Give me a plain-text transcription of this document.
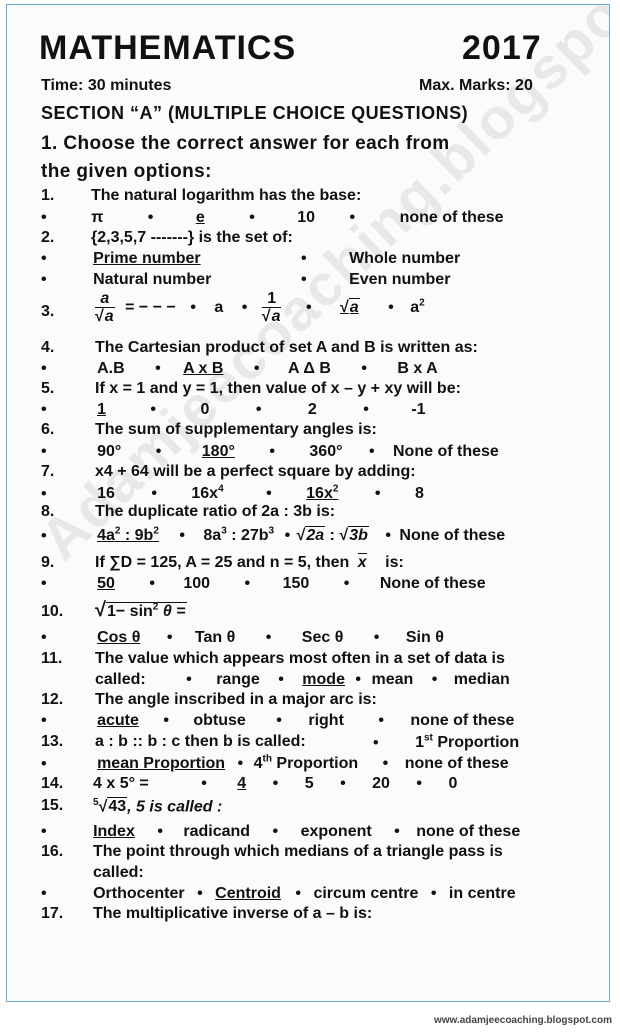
Adamjeecoaching.blogspot.com
MATHEMATICS	2017
Time: 30 minutes	Max. Marks: 20
SECTION “A” (MULTIPLE CHOICE QUESTIONS)
1. Choose the correct answer for each from
the given options:
1. The natural logarithm has the base:
•	π	•	e	•	10 •	none of these
2. {2,3,5,7 -------} is the set of:
•	Prime number	•	Whole number
•	Natural number	•	Even number
3.	$\frac{a}{√a}$ = − − − • a • $\frac{1}{√a}$ • √a • $a^2$
4.	The Cartesian product of set A and B is written as:
•	A.B • A x B • A Δ B • B x A
5.	If x = 1 and y = 1, then value of x – y + xy will be:
•	1	•	0	•	2	•	-1
6.	The sum of supplementary angles is:
•	90° •	180° • 360° • None of these
7.	x4 + 64 will be a perfect square by adding:
•	16 • $16x^4$	• $16x^2$ • 8
8.	The duplicate ratio of 2a : 3b is:
•	$4a^2$ : $9b^2$ • $8a^3$ : $27b^3$ • √2a : √3b • None of these
9.	If ∑D = 125, A = 25 and n = 5, then x is:
•	50 • 100 • 150 • None of these
10. $√1- \sin^2 \theta$ =
•	Cos θ • Tan θ • Sec θ • Sin θ
11. The value which appears most often in a set of data is
called:	• range • mode • mean • median
12. The angle inscribed in a major arc is:
•	acute • obtuse • right • none of these
13. a : b :: b : c then b is called:	• 1st Proportion
•	mean Proportion • 4th Proportion • none of these
14. 4 x 5° =	• 4 • 5 • 20 • 0
15.	$^5$√43, 5 is called :
•	Index • radicand • exponent • none of these
16. The point through which medians of a triangle pass is
called:
•	Orthocenter • Centroid • circum centre • in centre
17. The multiplicative inverse of a – b is:
www.adamjeecoaching.blogspot.com
